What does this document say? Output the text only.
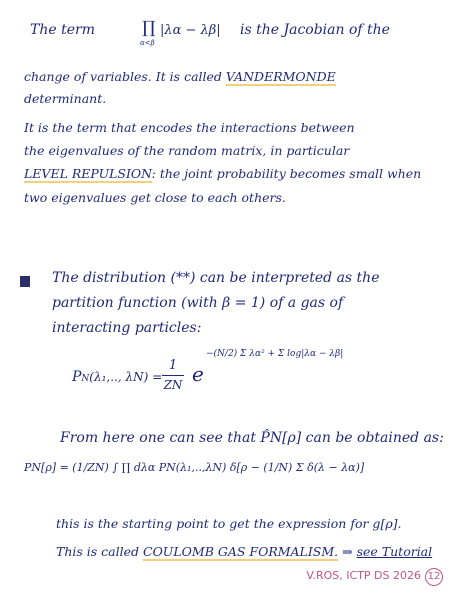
The term	∏
α<β
|λα − λβ| is the Jacobian of the
change of variables. It is called VANDERMONDE
determinant.
It is the term that encodes the interactions between
the eigenvalues of the random matrix, in particular
LEVEL REPULSION: the joint probability becomes small when
two eigenvalues get close to each others.
The distribution (**) can be interpreted as the
partition function (with β = 1) of a gas of
interacting particles:
PN(λ₁,.., λN) =
1
ZN e
−(N/2) Σ λα² + Σ log|λα − λβ|
From here one can see that P̂N[ρ] can be obtained as:
PN[ρ] = (1/ZN) ∫ ∏ dλα PN(λ₁,..,λN) δ[ρ − (1/N) Σ δ(λ − λα)]
this is the starting point to get the expression for g[ρ].
This is called COULOMB GAS FORMALISM. ⇒ see Tutorial
V.ROS, ICTP DS 2026 12
